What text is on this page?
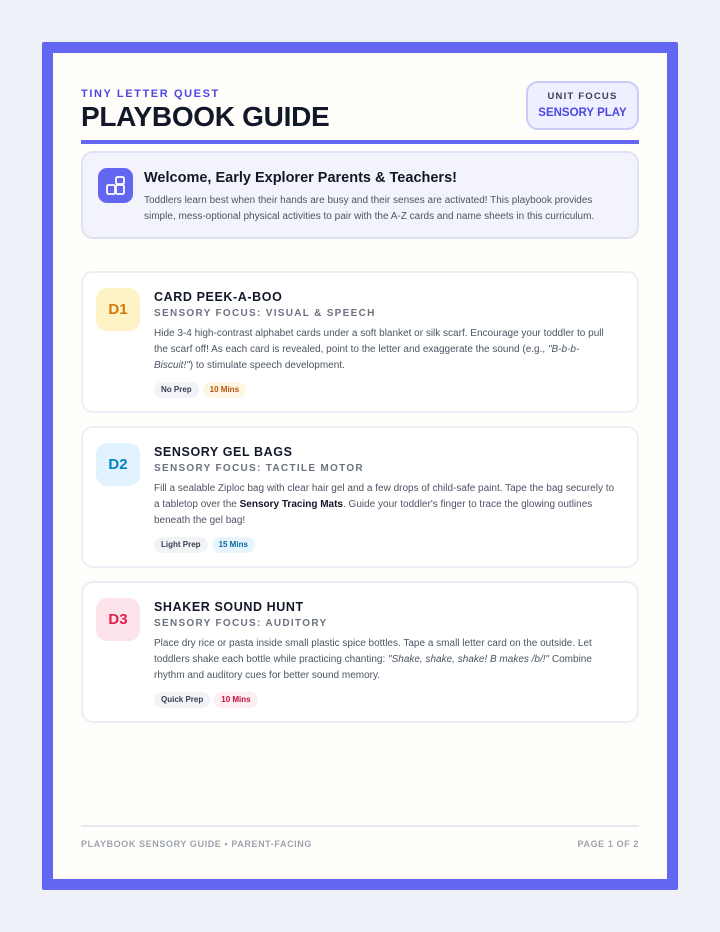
TINY LETTER QUEST
PLAYBOOK GUIDE
UNIT FOCUS
SENSORY PLAY
Welcome, Early Explorer Parents & Teachers!

Toddlers learn best when their hands are busy and their senses are activated! This playbook provides simple, mess-optional physical activities to pair with the A-Z cards and name sheets in this curriculum.

D1
CARD PEEK-A-BOO
SENSORY FOCUS: VISUAL & SPEECH

Hide 3-4 high-contrast alphabet cards under a soft blanket or silk scarf. Encourage your toddler to pull the scarf off! As each card is revealed, point to the letter and exaggerate the sound (e.g., "B-b-b-Biscuit!") to stimulate speech development.

No Prep 10 Mins
D2
SENSORY GEL BAGS
SENSORY FOCUS: TACTILE MOTOR

Fill a sealable Ziploc bag with clear hair gel and a few drops of child-safe paint. Tape the bag securely to a tabletop over the Sensory Tracing Mats. Guide your toddler's finger to trace the glowing outlines beneath the gel bag!

Light Prep 15 Mins
D3
SHAKER SOUND HUNT
SENSORY FOCUS: AUDITORY

Place dry rice or pasta inside small plastic spice bottles. Tape a small letter card on the outside. Let toddlers shake each bottle while practicing chanting: "Shake, shake, shake! B makes /b/!" Combine rhythm and auditory cues for better sound memory.

Quick Prep 10 Mins
PLAYBOOK SENSORY GUIDE • PARENT-FACING	PAGE 1 OF 2
